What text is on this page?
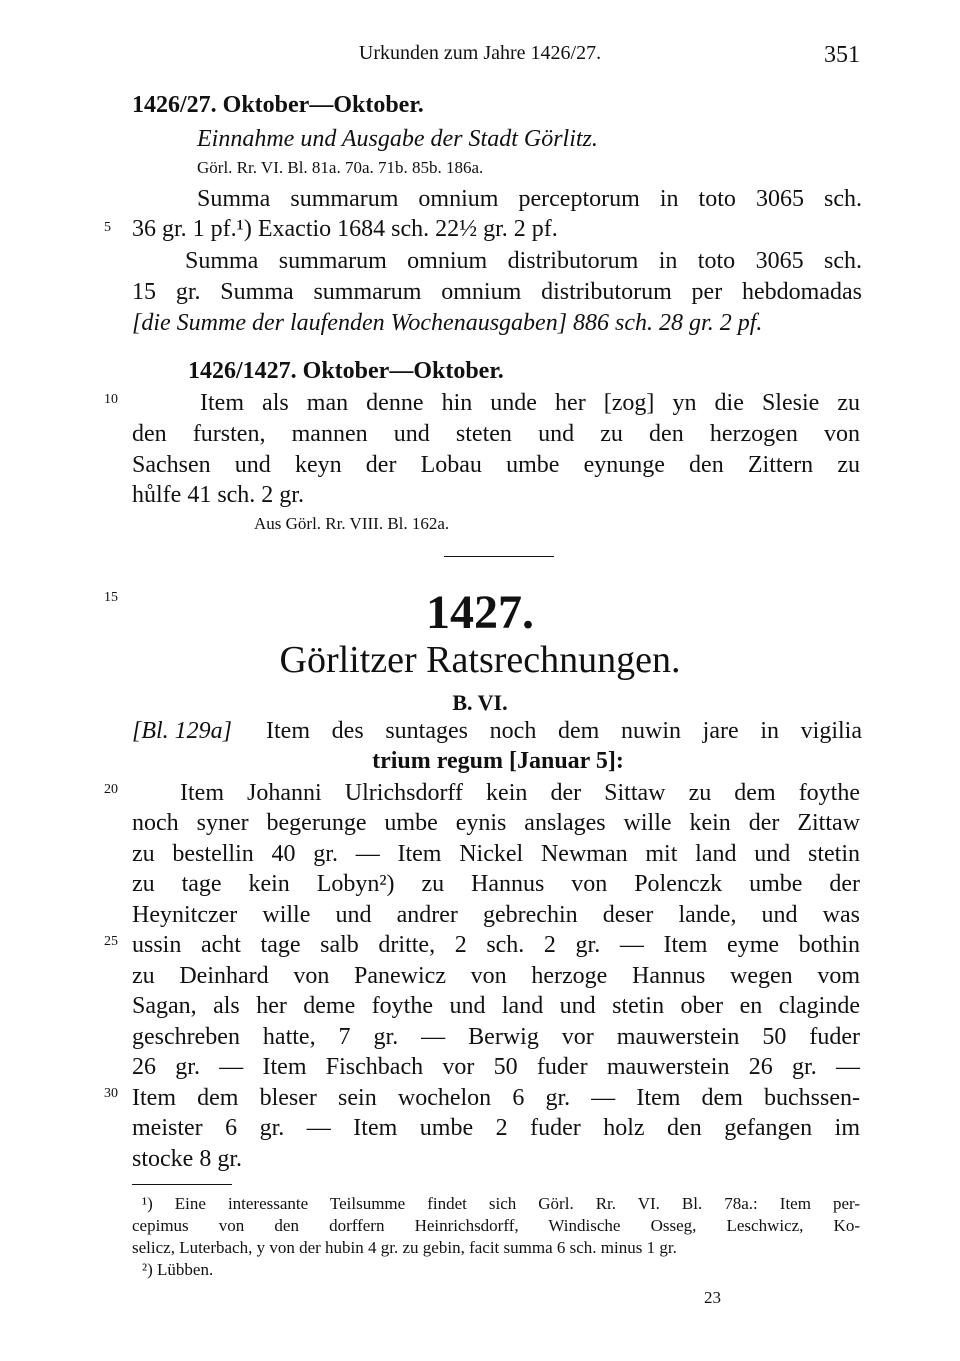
Urkunden zum Jahre 1426/27.	351
1426/27. Oktober—Oktober.
Einnahme und Ausgabe der Stadt Görlitz.
Görl. Rr. VI. Bl. 81a. 70a. 71b. 85b. 186a.
Summa summarum omnium perceptorum in toto 3065 sch.
36 gr. 1 pf.¹) Exactio 1684 sch. 22½ gr. 2 pf.
Summa summarum omnium distributorum in toto 3065 sch.
15 gr. Summa summarum omnium distributorum per hebdomadas
[die Summe der laufenden Wochenausgaben] 886 sch. 28 gr. 2 pf.
1426/1427. Oktober—Oktober.
Item als man denne hin unde her [zog] yn die Slesie zu
den fursten, mannen und steten und zu den herzogen von
Sachsen und keyn der Lobau umbe eynunge den Zittern zu
hůlfe 41 sch. 2 gr.
Aus Görl. Rr. VIII. Bl. 162a.
1427.
Görlitzer Ratsrechnungen.
B. VI.
[Bl. 129a] Item des suntages noch dem nuwin jare in vigilia
trium regum [Januar 5]:
Item Johanni Ulrichsdorff kein der Sittaw zu dem foythe
noch syner begerunge umbe eynis anslages wille kein der Zittaw
zu bestellin 40 gr. — Item Nickel Newman mit land und stetin
zu tage kein Lobyn²) zu Hannus von Polenczk umbe der
Heynitczer wille und andrer gebrechin deser lande, und was
ussin acht tage salb dritte, 2 sch. 2 gr. — Item eyme bothin
zu Deinhard von Panewicz von herzoge Hannus wegen vom
Sagan, als her deme foythe und land und stetin ober en claginde
geschreben hatte, 7 gr. — Berwig vor mauwerstein 50 fuder
26 gr. — Item Fischbach vor 50 fuder mauwerstein 26 gr. —
Item dem bleser sein wochelon 6 gr. — Item dem buchssen-
meister 6 gr. — Item umbe 2 fuder holz den gefangen im
stocke 8 gr.
5
10
15
20
25
30
¹) Eine interessante Teilsumme findet sich Görl. Rr. VI. Bl. 78a.: Item per-
cepimus von den dorffern Heinrichsdorff, Windische Osseg, Leschwicz, Ko-
selicz, Luterbach, y von der hubin 4 gr. zu gebin, facit summa 6 sch. minus 1 gr.
²) Lübben.
23
